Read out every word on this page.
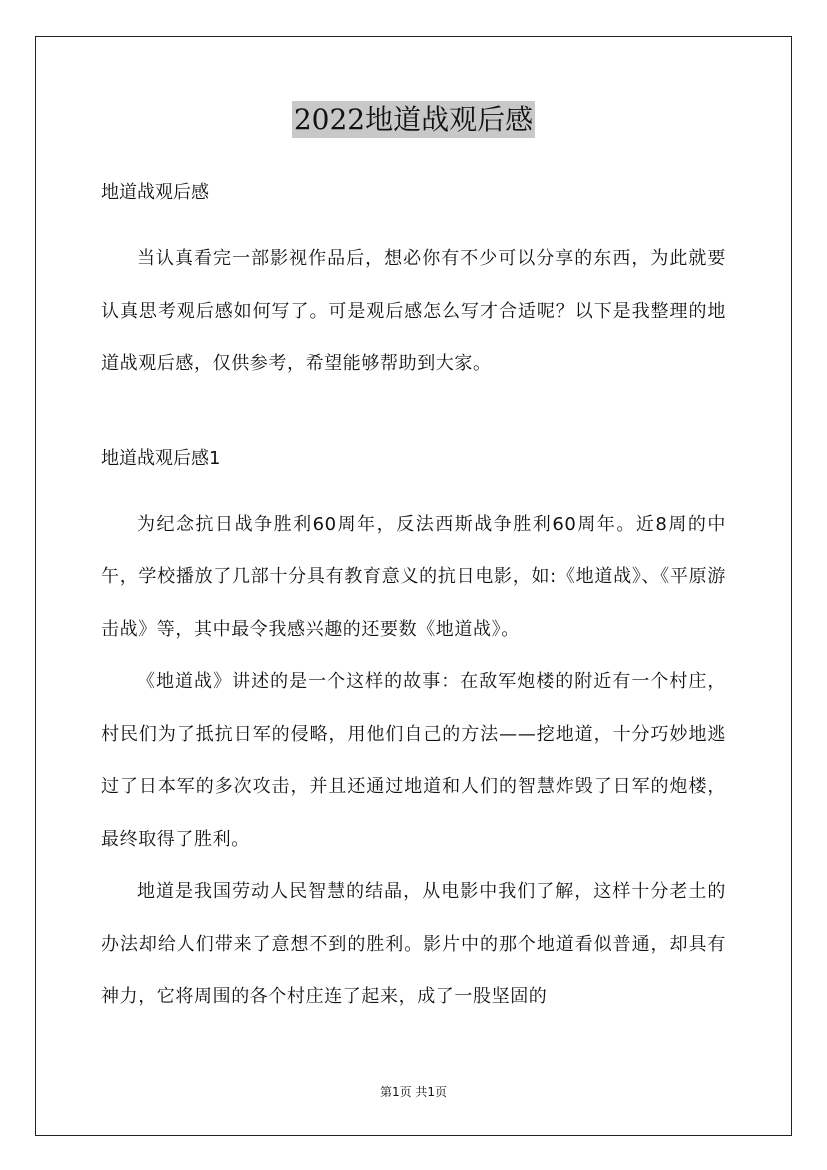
2022地道战观后感

地道战观后感

当认真看完一部影视作品后，想必你有不少可以分享的东西，为此就要认真思考观后感如何写了。可是观后感怎么写才合适呢？以下是我整理的地道战观后感，仅供参考，希望能够帮助到大家。

地道战观后感1

为纪念抗日战争胜利60周年，反法西斯战争胜利60周年。近8周的中午，学校播放了几部十分具有教育意义的抗日电影，如:《地道战》、《平原游击战》等，其中最令我感兴趣的还要数《地道战》。

《地道战》讲述的是一个这样的故事：在敌军炮楼的附近有一个村庄，村民们为了抵抗日军的侵略，用他们自己的方法——挖地道，十分巧妙地逃过了日本军的多次攻击，并且还通过地道和人们的智慧炸毁了日军的炮楼，最终取得了胜利。

地道是我国劳动人民智慧的结晶，从电影中我们了解，这样十分老土的办法却给人们带来了意想不到的胜利。影片中的那个地道看似普通，却具有神力，它将周围的各个村庄连了起来，成了一股坚固的

第1页 共1页
